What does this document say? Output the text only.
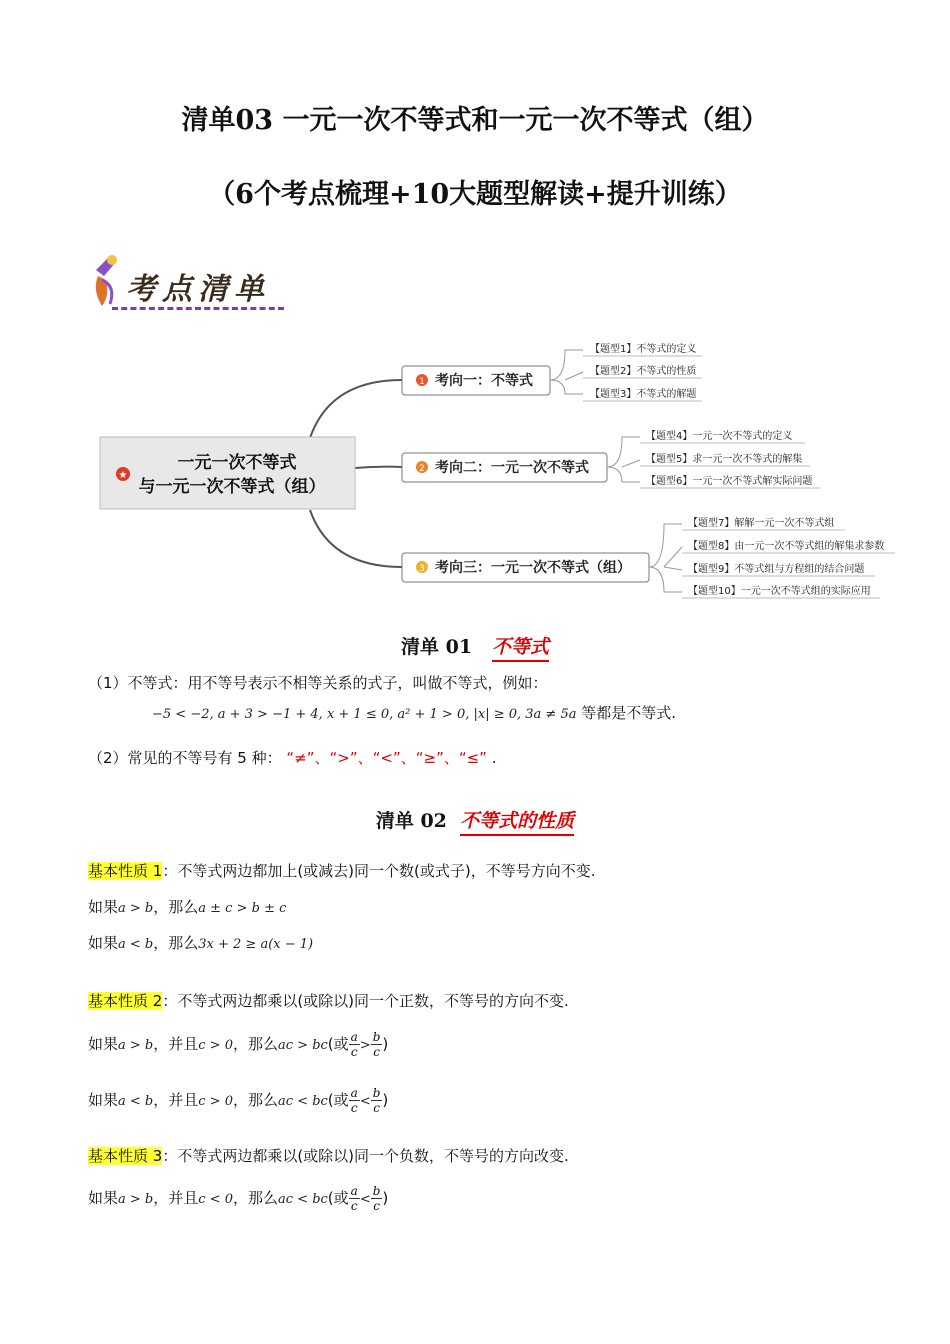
清单03 一元一次不等式和一元一次不等式（组）
（6个考点梳理+10大题型解读+提升训练）
考点清单
★
一元一次不等式
与一元一次不等式（组）
1 考向一：不等式
【题型1】不等式的定义
【题型2】不等式的性质
【题型3】不等式的解题
2 考向二：一元一次不等式
【题型4】一元一次不等式的定义
【题型5】求一元一次不等式的解集
【题型6】一元一次不等式解实际问题
3 考向三：一元一次不等式（组）
【题型7】解解一元一次不等式组
【题型8】由一元一次不等式组的解集求参数
【题型9】不等式组与方程组的结合问题
【题型10】一元一次不等式组的实际应用
清单 01 不等式
（1）不等式：用不等号表示不相等关系的式子，叫做不等式，例如：
−5 < −2, a + 3 > −1 + 4, x + 1 ≤ 0, a² + 1 > 0, |x| ≥ 0, 3a ≠ 5a 等都是不等式.
（2）常见的不等号有 5 种： “≠”、“>”、“<”、“≥”、“≤” .
清单 02 不等式的性质
基本性质 1：不等式两边都加上(或减去)同一个数(或式子)，不等号方向不变.
如果a > b，那么a ± c > b ± c
如果a < b，那么3x + 2 ≥ a(x − 1)
基本性质 2：不等式两边都乘以(或除以)同一个正数，不等号的方向不变.
如果a > b，并且c > 0，那么ac > bc(或 $\frac{a}{c} > \frac{b}{c}$ )
如果a < b，并且c > 0，那么ac < bc(或 $\frac{a}{c} < \frac{b}{c}$ )
基本性质 3：不等式两边都乘以(或除以)同一个负数，不等号的方向改变.
如果a > b，并且c < 0，那么ac < bc(或 $\frac{a}{c} < \frac{b}{c}$ )
